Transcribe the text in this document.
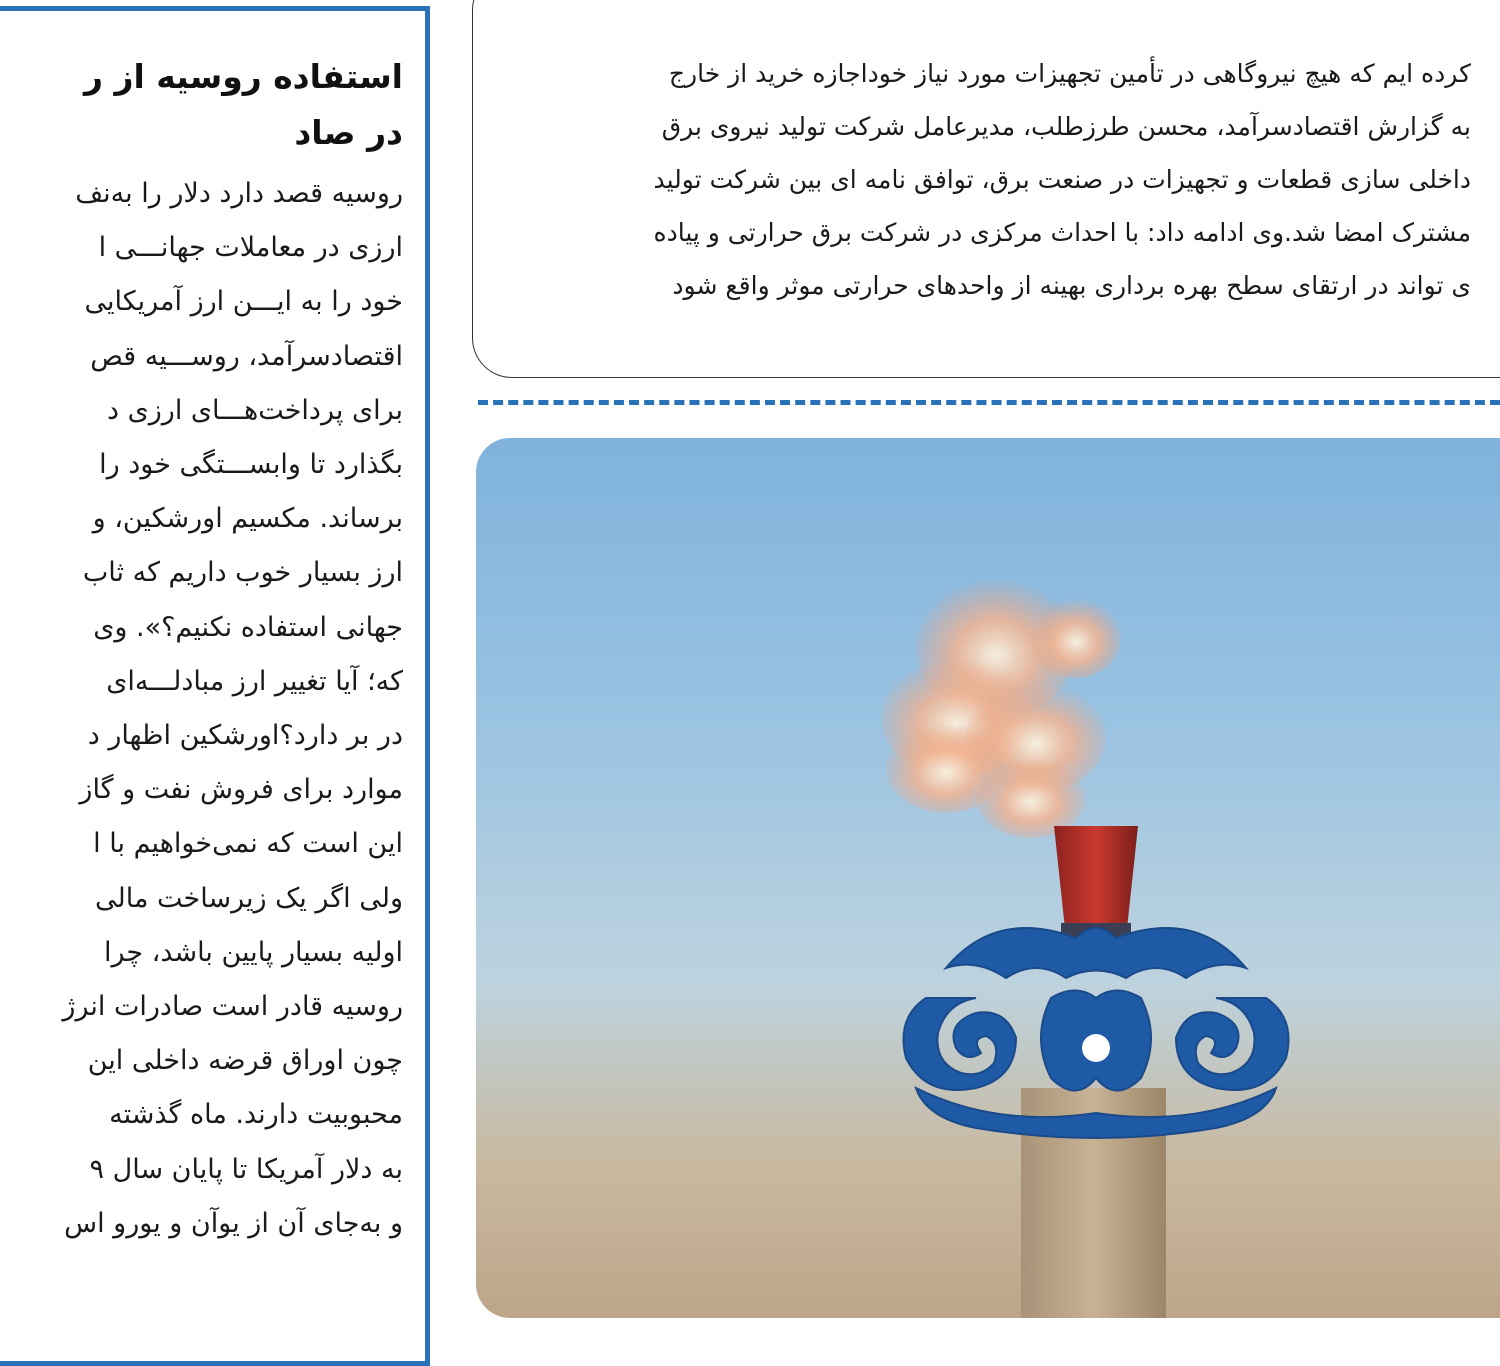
استفاده روسیه از ر
در صاد
روسیه قصد دارد دلار را به‌نف
ارزی در معاملات جهانـــی ا
خود را به ایـــن ارز آمریکایی
اقتصادسرآمد، روســـیه قص
برای پرداخت‌هـــای ارزی د
بگذارد تا وابســـتگی خود را
برساند. مکسیم اورشکین، و
ارز بسیار خوب داریم که ثاب
جهانی استفاده نکنیم؟». وی
که؛ آیا تغییر ارز مبادلـــه‌ای
در بر دارد؟اورشکین اظهار د
موارد برای فروش نفت و گاز
این است که نمی‌خواهیم با ا
ولی اگر یک زیرساخت مالی
اولیه بسیار پایین باشد، چرا
روسیه قادر است صادرات انرژ
چون اوراق قرضه داخلی این
محبوبیت دارند. ماه گذشته
به دلار آمریکا تا پایان سال ۹
و به‌جای آن از یوآن و یورو اس
کرده ایم که هیچ نیروگاهی در تأمین تجهیزات مورد نیاز خوداجازه خرید از خارج
به گزارش اقتصادسرآمد، محسن طرزطلب، مدیرعامل شرکت تولید نیروی برق
داخلی سازی قطعات و تجهیزات در صنعت برق، توافق نامه ای بین شرکت تولید
مشترک امضا شد.وی ادامه داد: با احداث مرکزی در شرکت برق حرارتی و پیاده
ی تواند در ارتقای سطح بهره برداری بهینه از واحدهای حرارتی موثر واقع شود
